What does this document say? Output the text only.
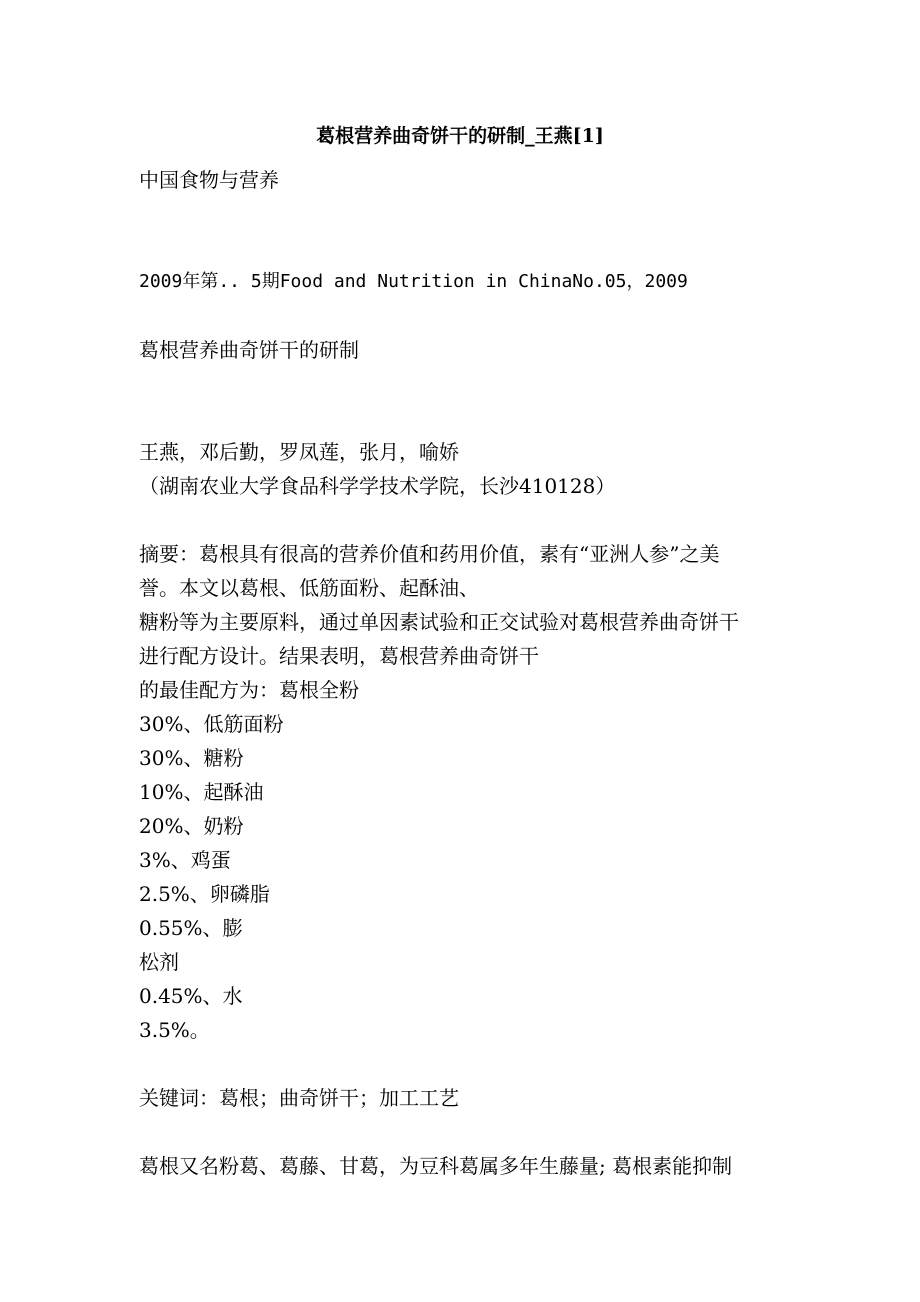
葛根营养曲奇饼干的研制_王燕[1]
中国食物与营养
2009年第.. 5期Food and Nutrition in ChinaNo.05，2009
葛根营养曲奇饼干的研制
王燕，邓后勤，罗凤莲，张月，喻娇
（湖南农业大学食品科学学技术学院，长沙410128）
摘要：葛根具有很高的营养价值和药用价值，素有“亚洲人参”之美
誉。本文以葛根、低筋面粉、起酥油、
糖粉等为主要原料，通过单因素试验和正交试验对葛根营养曲奇饼干
进行配方设计。结果表明，葛根营养曲奇饼干
的最佳配方为：葛根全粉
30%、低筋面粉
30%、糖粉
10%、起酥油
20%、奶粉
3%、鸡蛋
2.5%、卵磷脂
0.55%、膨
松剂
0.45%、水
3.5%。
关键词：葛根；曲奇饼干；加工工艺
葛根又名粉葛、葛藤、甘葛，为豆科葛属多年生藤量; 葛根素能抑制
